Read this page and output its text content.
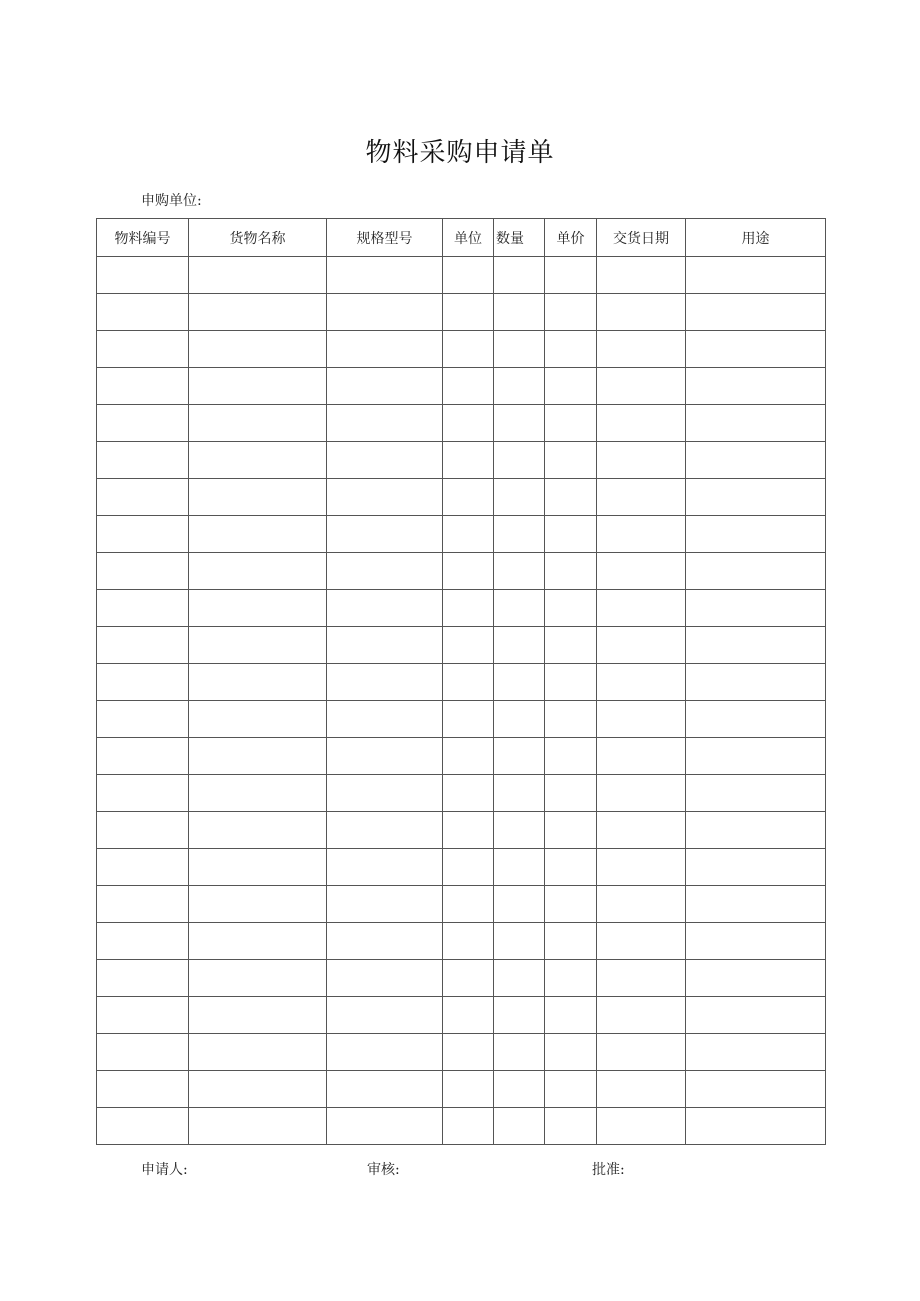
物料采购申请单
申购单位:
物料编号	货物名称	规格型号	单位	数量	单价	交货日期	用途

申请人:	审核:	批准:
